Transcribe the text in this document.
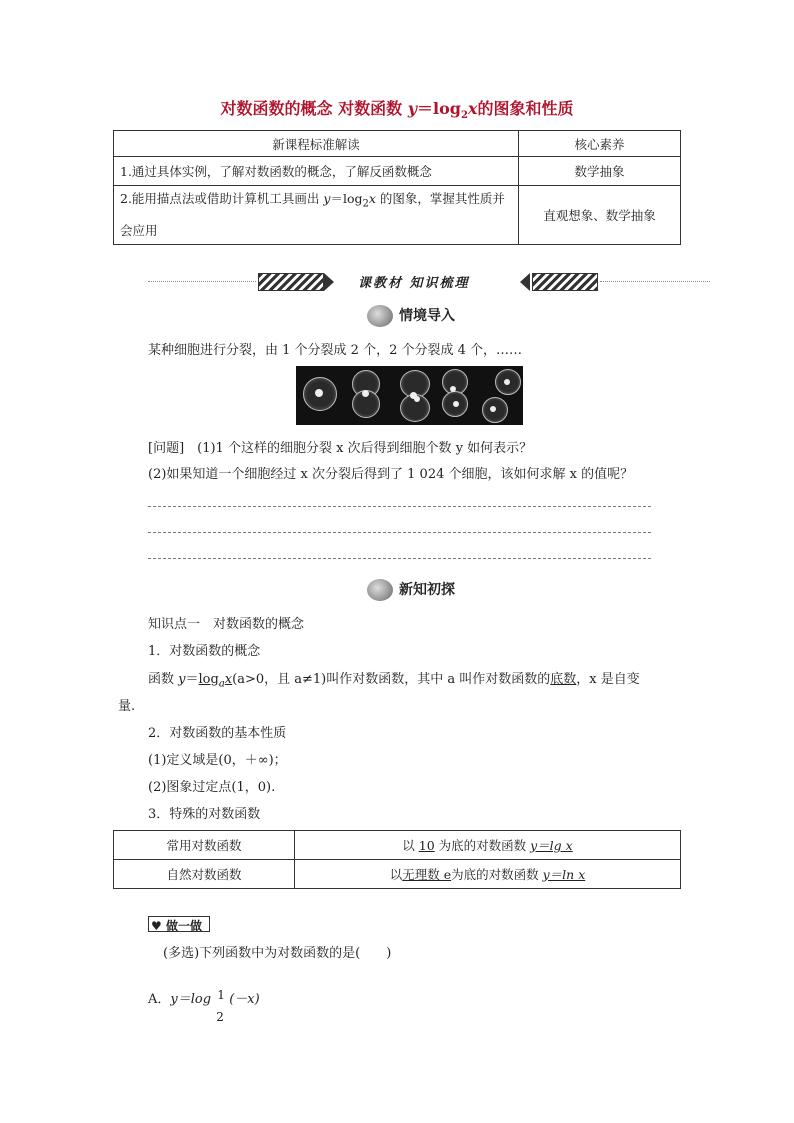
对数函数的概念 对数函数 $y=\log_2x$的图象和性质
新课程标准解读	核心素养
1.通过具体实例，了解对数函数的概念，了解反函数概念	数学抽象
2.能用描点法或借助计算机工具画出 $y=\log_2x$ 的图象，掌握其性质并会应用	直观想象、数学抽象
课教材 知识梳理
情境导入
某种细胞进行分裂，由 1 个分裂成 2 个，2 个分裂成 4 个，……
[问题]　(1)1 个这样的细胞分裂 x 次后得到细胞个数 y 如何表示？
(2)如果知道一个细胞经过 x 次分裂后得到了 1 024 个细胞，该如何求解 x 的值呢？
新知初探
知识点一　对数函数的概念
1．对数函数的概念
函数 $y=\log_ax(a>0$，且 a≠1)叫作对数函数，其中 a 叫作对数函数的底数，x 是自变
量.
2．对数函数的基本性质
(1)定义域是(0，＋∞)；
(2)图象过定点(1，0).
3．特殊的对数函数
常用对数函数	以 10 为底的对数函数 y＝lg x
自然对数函数	以无理数 e为底的对数函数 y＝ln x
♥ 做一做
(多选)下列函数中为对数函数的是(　　)
A．y＝log 1
2
(－x)
